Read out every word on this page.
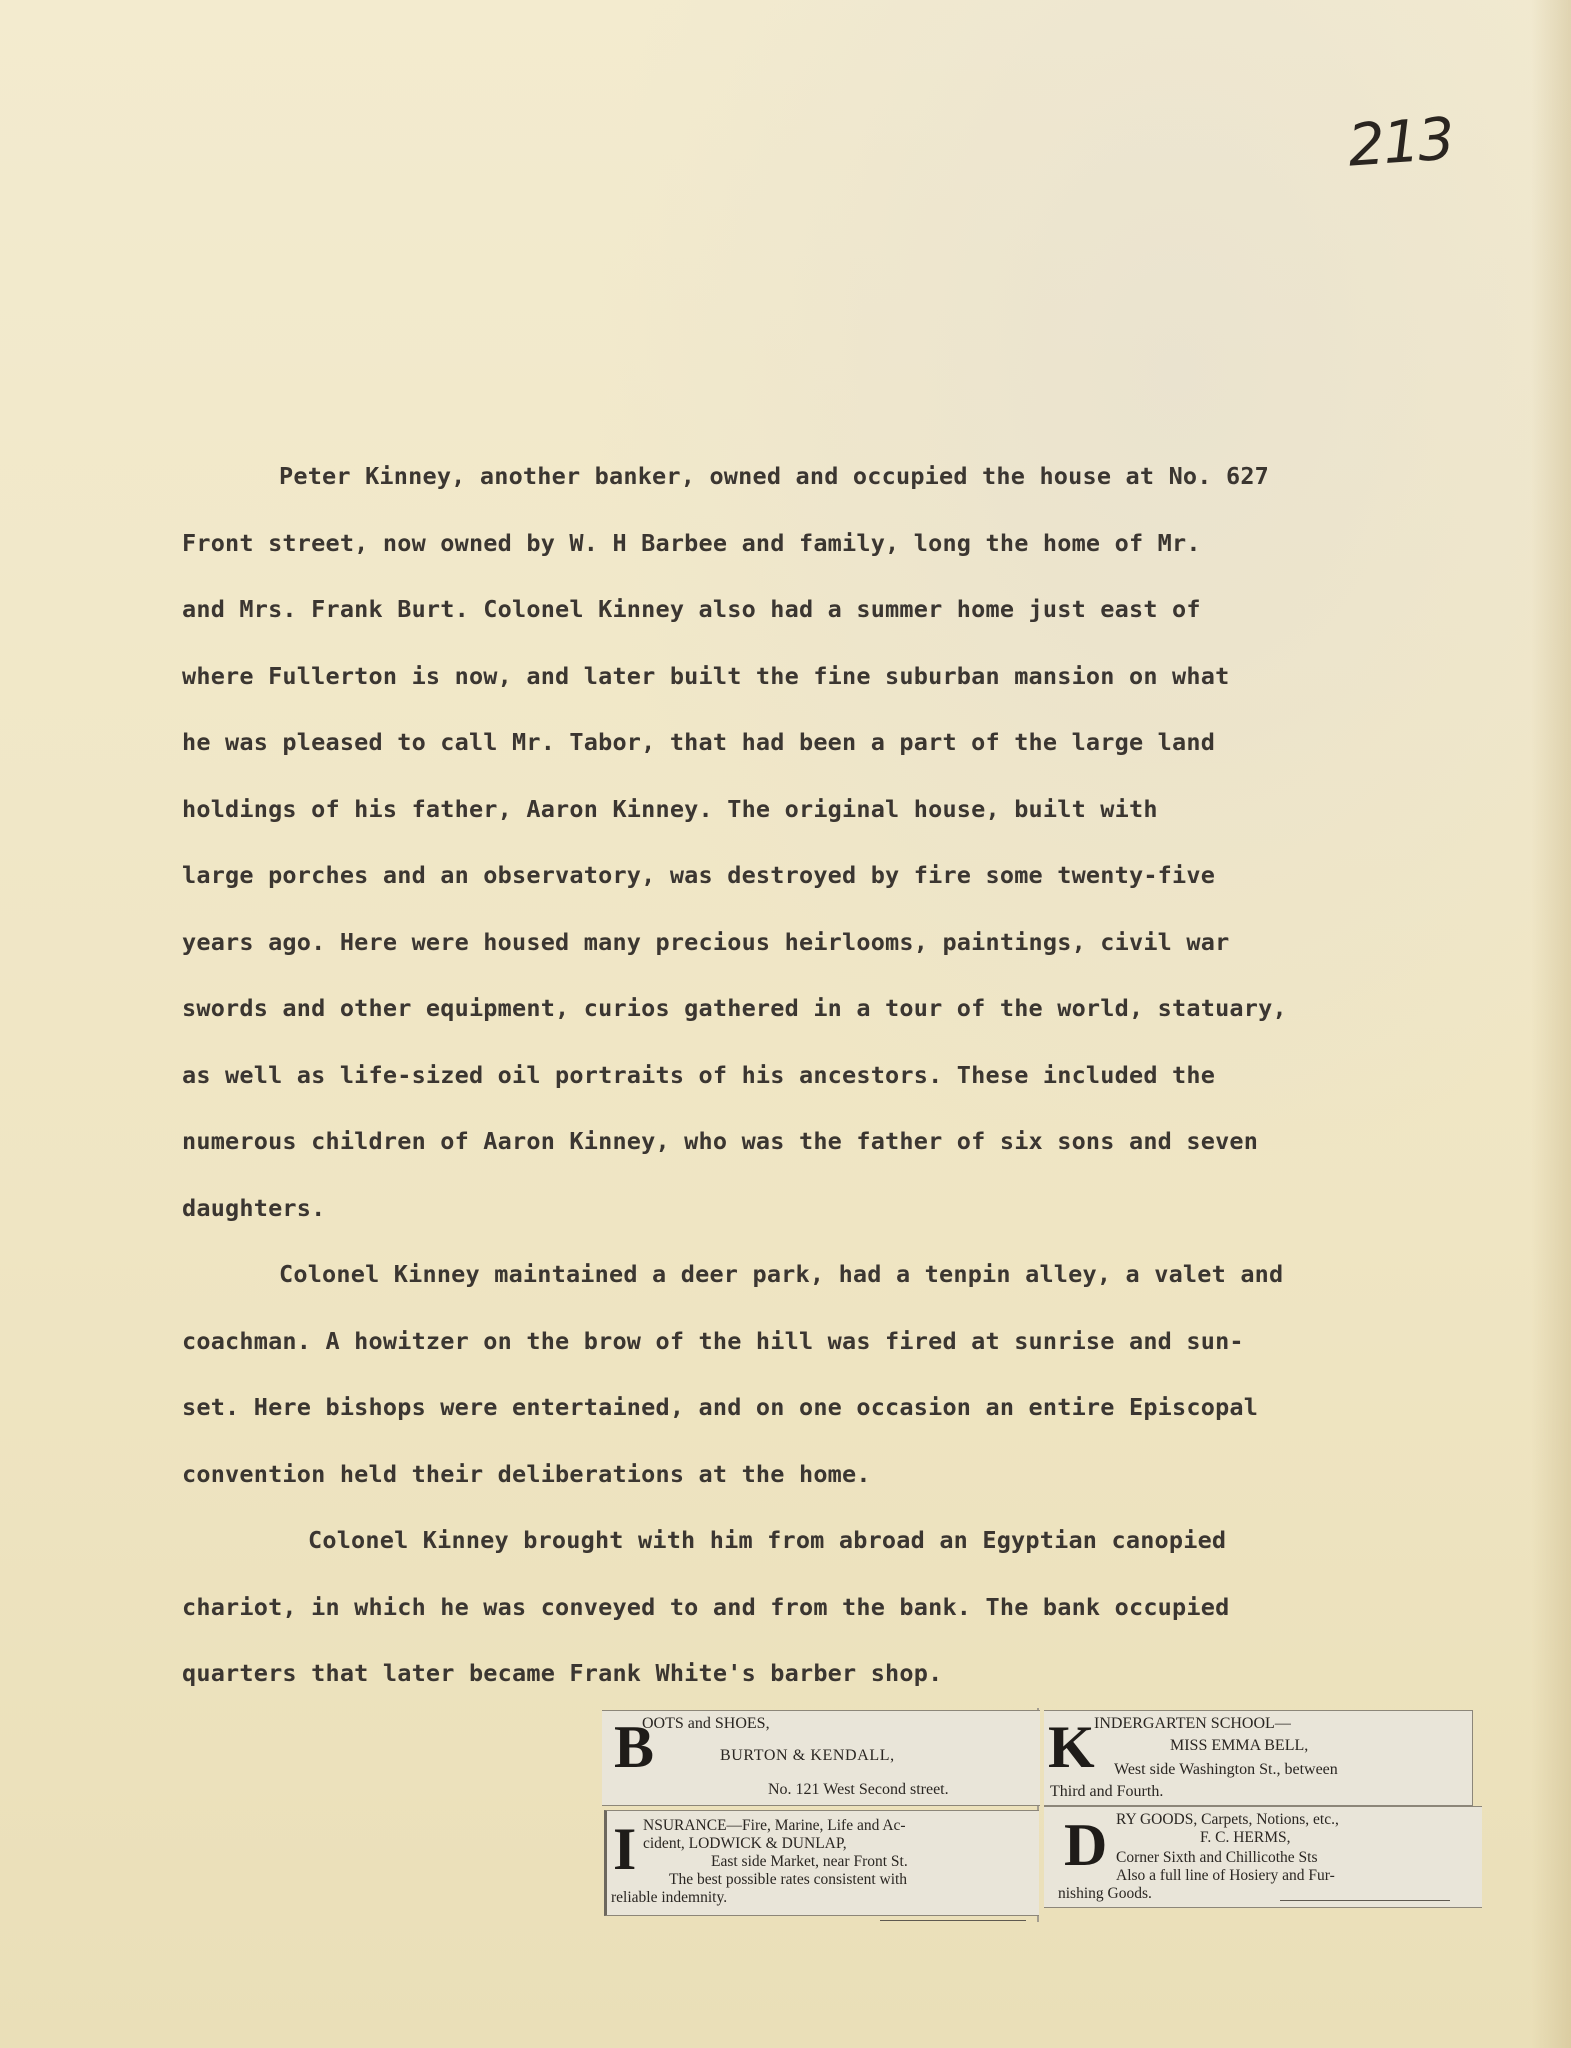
213

Peter Kinney, another banker, owned and occupied the house at No. 627
Front street, now owned by W. H Barbee and family, long the home of Mr.
and Mrs. Frank Burt. Colonel Kinney also had a summer home just east of
where Fullerton is now, and later built the fine suburban mansion on what
he was pleased to call Mr. Tabor, that had been a part of the large land
holdings of his father, Aaron Kinney. The original house, built with
large porches and an observatory, was destroyed by fire some twenty-five
years ago. Here were housed many precious heirlooms, paintings, civil war
swords and other equipment, curios gathered in a tour of the world, statuary,
as well as life-sized oil portraits of his ancestors. These included the
numerous children of Aaron Kinney, who was the father of six sons and seven
daughters.

Colonel Kinney maintained a deer park, had a tenpin alley, a valet and
coachman. A howitzer on the brow of the hill was fired at sunrise and sun-
set. Here bishops were entertained, and on one occasion an entire Episcopal
convention held their deliberations at the home.

Colonel Kinney brought with him from abroad an Egyptian canopied
chariot, in which he was conveyed to and from the bank. The bank occupied
quarters that later became Frank White's barber shop.

B
OOTS and SHOES,
BURTON & KENDALL,
No. 121 West Second street.
K INDERGARTEN SCHOOL—
MISS EMMA BELL,
West side Washington St., between
Third and Fourth.
I NSURANCE—Fire, Marine, Life and Ac-
cident, LODWICK & DUNLAP,
East side Market, near Front St.
The best possible rates consistent with
reliable indemnity.
D RY GOODS, Carpets, Notions, etc.,
F. C. HERMS,
Corner Sixth and Chillicothe Sts
Also a full line of Hosiery and Fur-
nishing Goods.
